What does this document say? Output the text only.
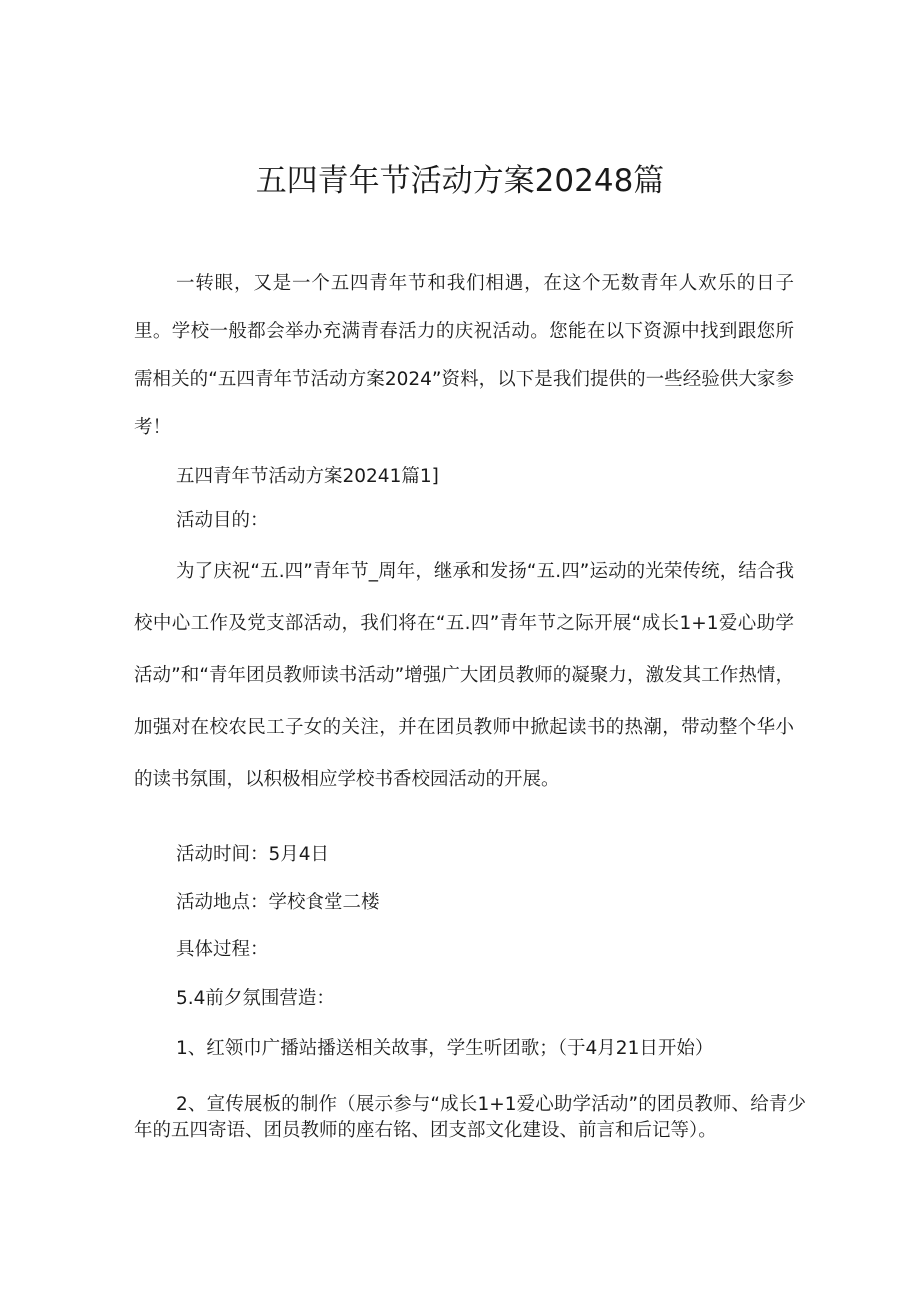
五四青年节活动方案20248篇

一转眼，又是一个五四青年节和我们相遇，在这个无数青年人欢乐的日子里。学校一般都会举办充满青春活力的庆祝活动。您能在以下资源中找到跟您所需相关的“五四青年节活动方案2024”资料，以下是我们提供的一些经验供大家参考！

五四青年节活动方案20241篇1]

活动目的：

为了庆祝“五.四”青年节_周年，继承和发扬“五.四”运动的光荣传统，结合我校中心工作及党支部活动，我们将在“五.四”青年节之际开展“成长1+1爱心助学活动”和“青年团员教师读书活动”增强广大团员教师的凝聚力，激发其工作热情，加强对在校农民工子女的关注，并在团员教师中掀起读书的热潮，带动整个华小的读书氛围，以积极相应学校书香校园活动的开展。

活动时间：5月4日

活动地点：学校食堂二楼

具体过程：

5.4前夕氛围营造：

1、红领巾广播站播送相关故事，学生听团歌；（于4月21日开始）

2、宣传展板的制作（展示参与“成长1+1爱心助学活动”的团员教师、给青少年的五四寄语、团员教师的座右铭、团支部文化建设、前言和后记等）。
